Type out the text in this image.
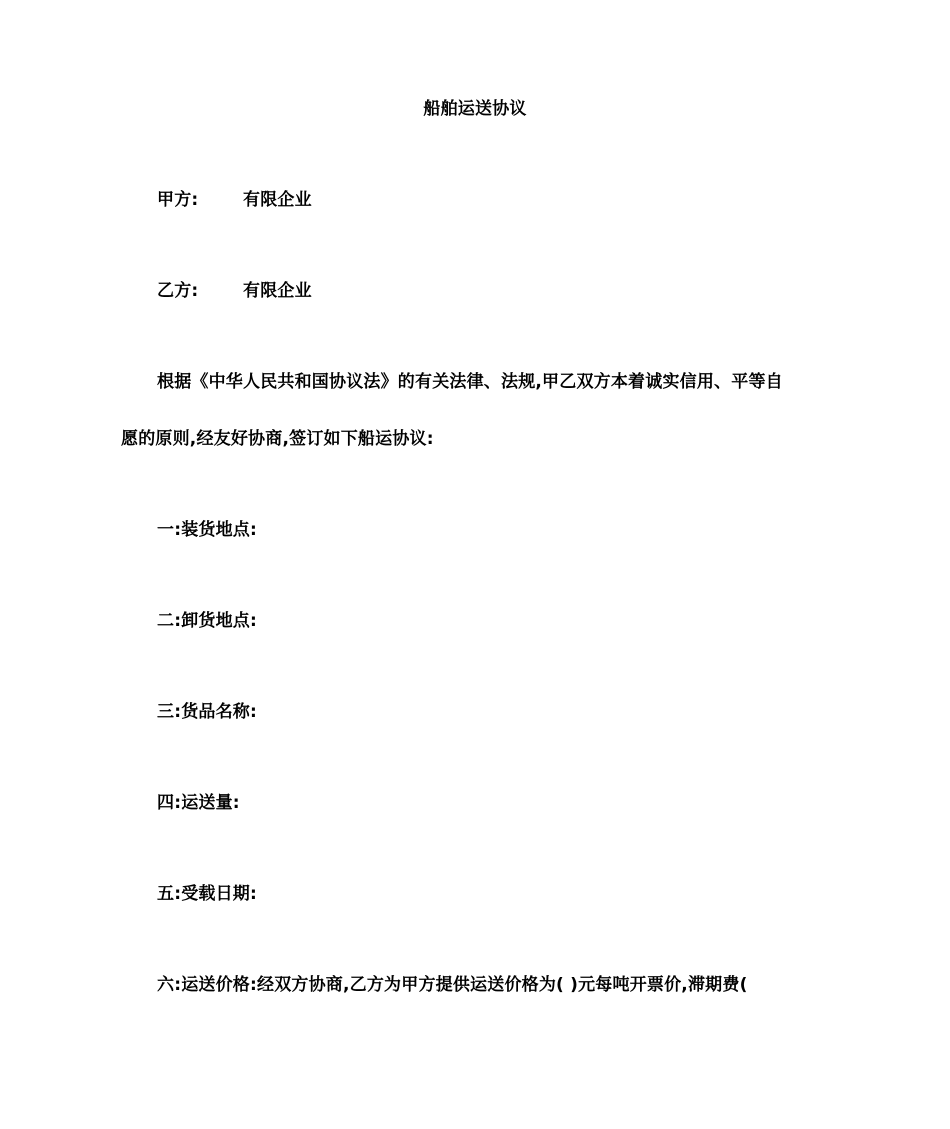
船舶运送协议
甲方:	有限企业
乙方:	有限企业
根据《中华人民共和国协议法》的有关法律、法规,甲乙双方本着诚实信用、平等自
愿的原则,经友好协商,签订如下船运协议:
一:装货地点:
二:卸货地点:
三:货品名称:
四:运送量:
五:受载日期:
六:运送价格:经双方协商,乙方为甲方提供运送价格为( )元每吨开票价,滞期费(
